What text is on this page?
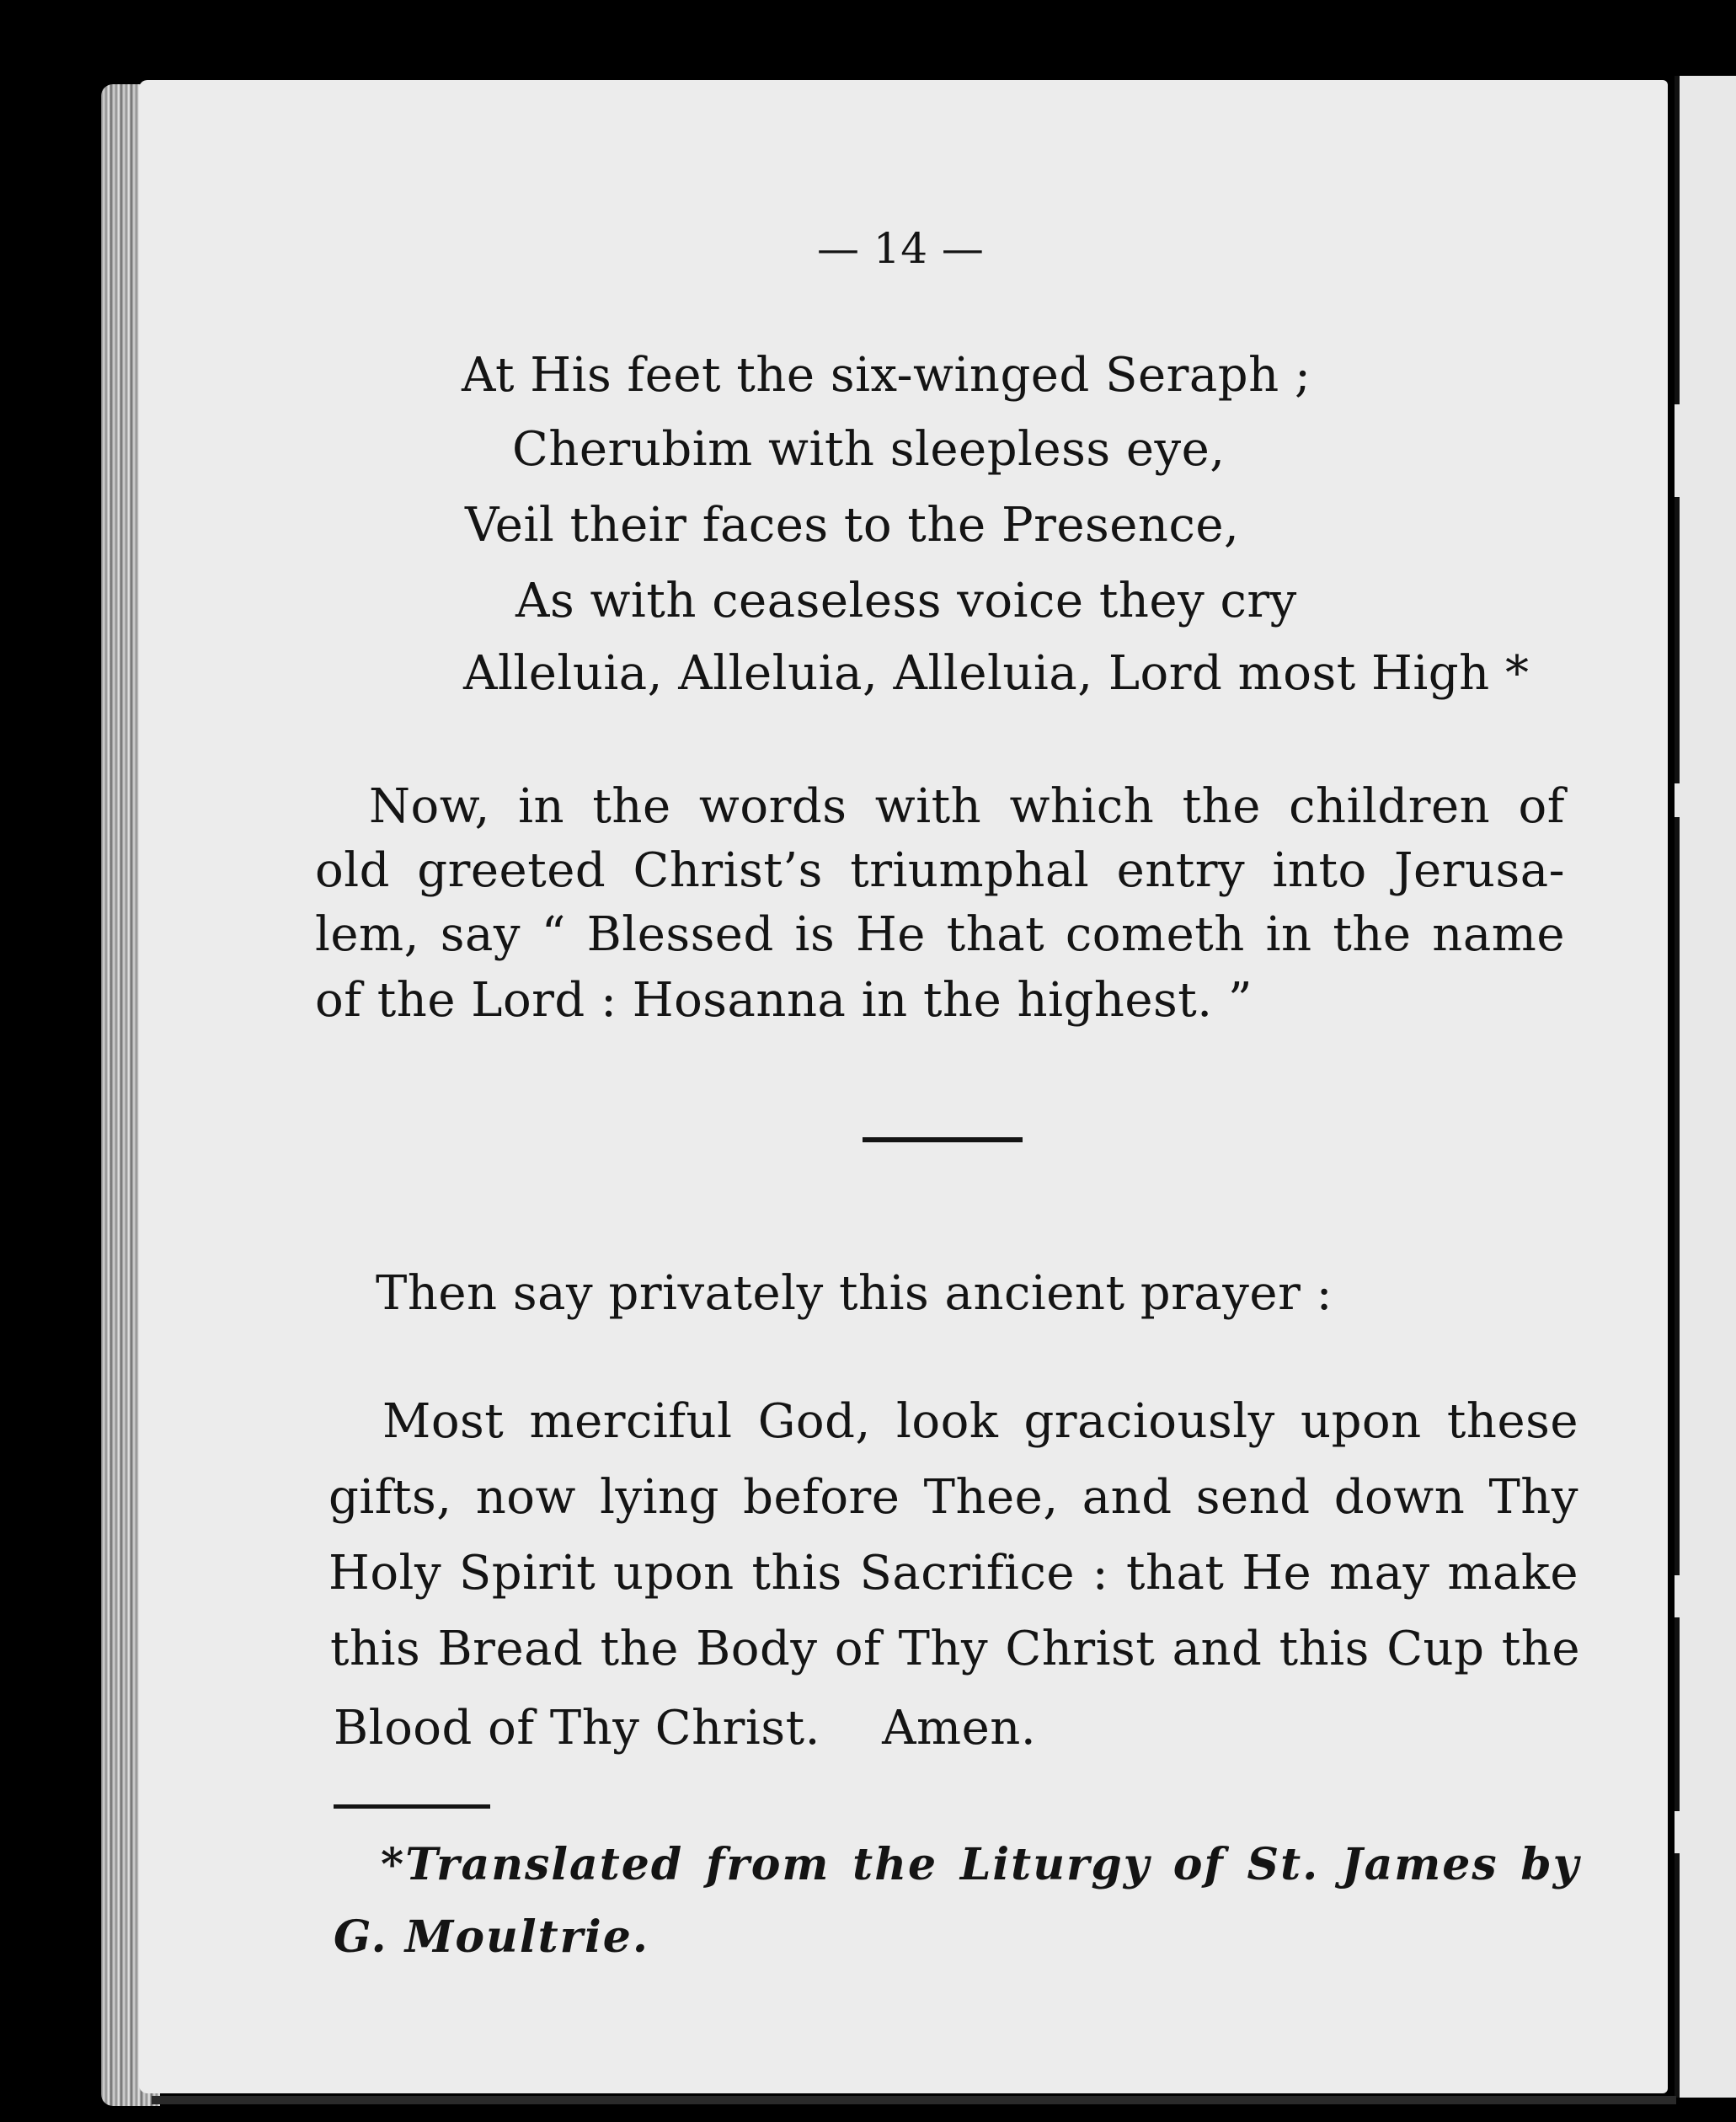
— 14 —
At His feet the six-winged Seraph ;
Cherubim with sleepless eye,
Veil their faces to the Presence,
As with ceaseless voice they cry
Alleluia, Alleluia, Alleluia, Lord most High *
Now, in the words with which the children of
old greeted Christ’s triumphal entry into Jerusa-
lem, say “ Blessed is He that cometh in the name
of the Lord : Hosanna in the highest. ”
Then say privately this ancient prayer :
Most merciful God, look graciously upon these
gifts, now lying before Thee, and send down Thy
Holy Spirit upon this Sacrifice : that He may make
this Bread the Body of Thy Christ and this Cup the
Blood of Thy Christ.    Amen.
*Translated from the Liturgy of St. James by
G. Moultrie.
